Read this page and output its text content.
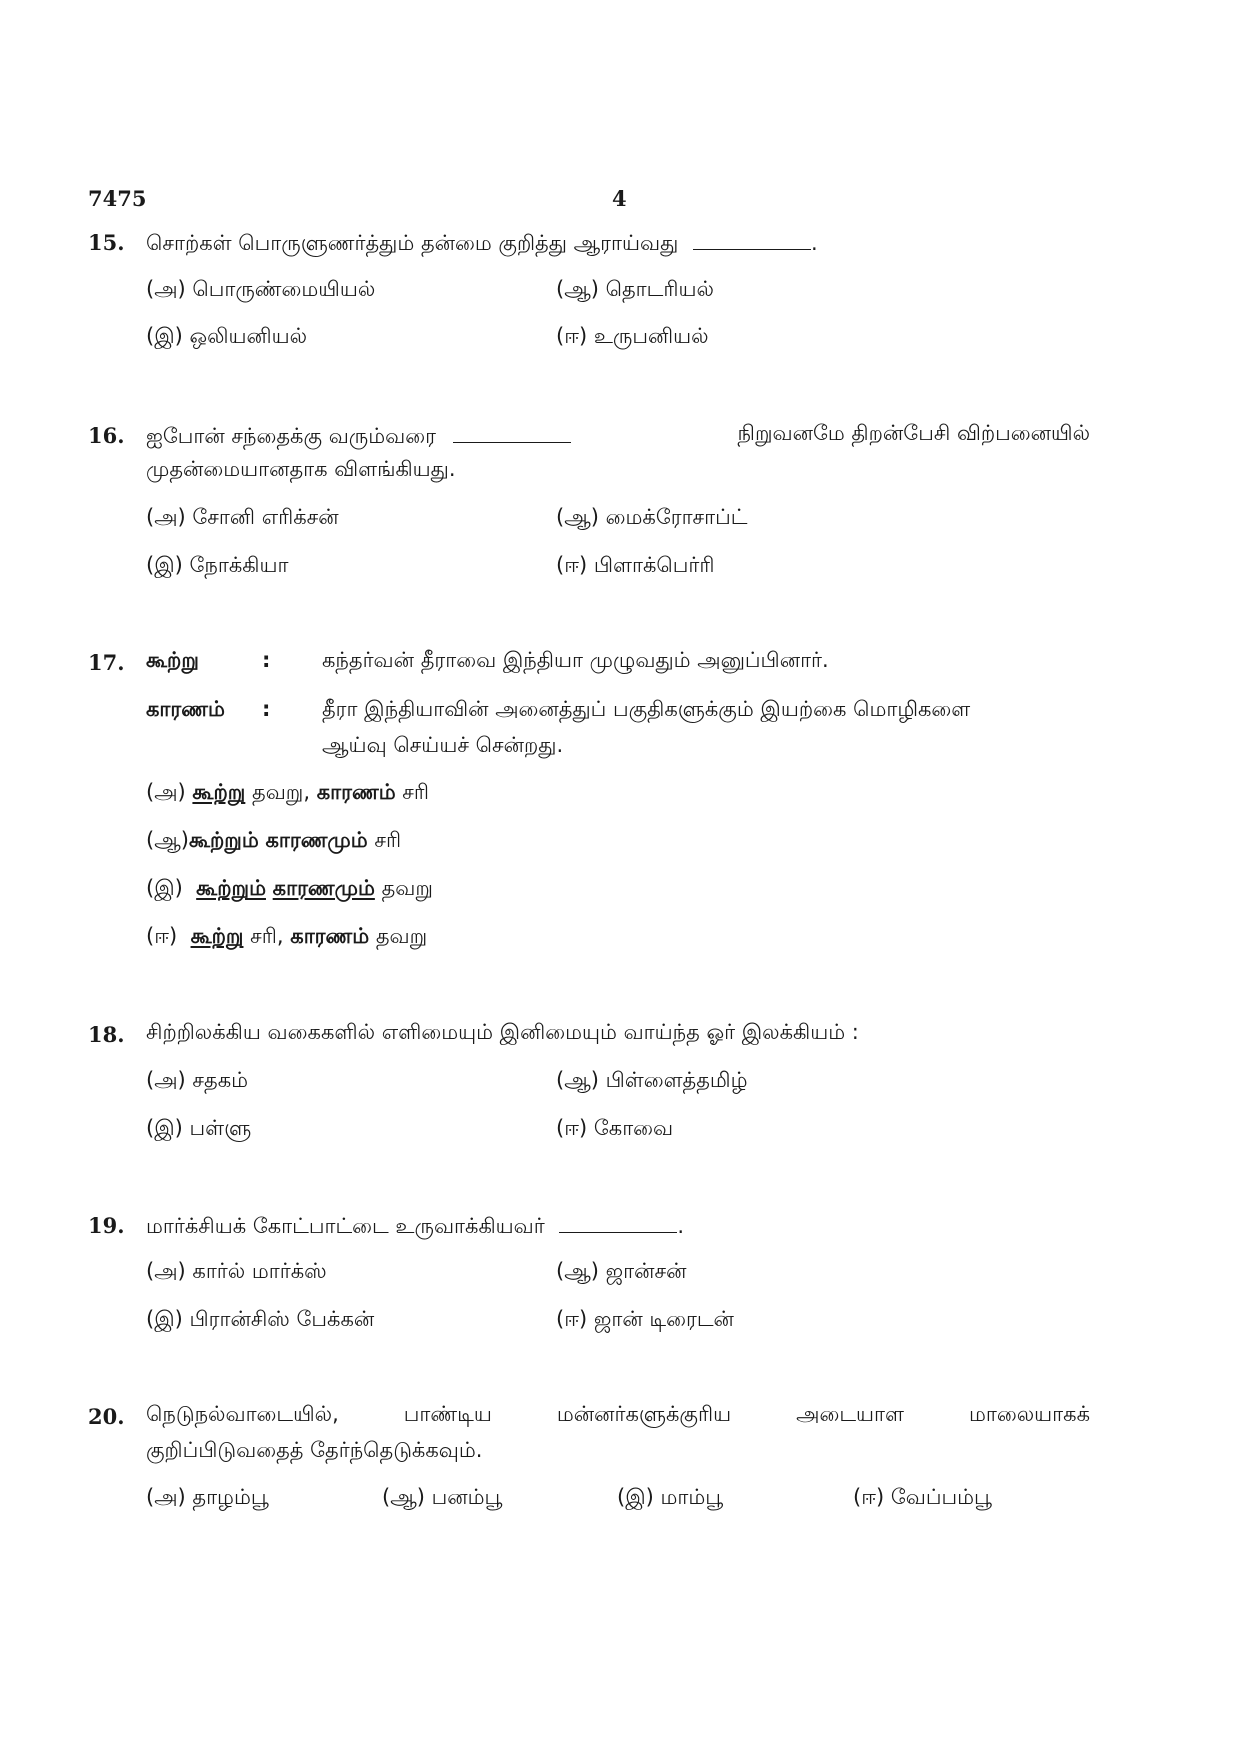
7475	4
15. சொற்கள் பொருளுணர்த்தும் தன்மை குறித்து ஆராய்வது	.
(அ) பொருண்மையியல்	(ஆ) தொடரியல்
(இ) ஒலியனியல்	(ஈ) உருபனியல்
16. ஐபோன் சந்தைக்கு வரும்வரை	நிறுவனமே திறன்பேசி விற்பனையில்
முதன்மையானதாக விளங்கியது.
(அ) சோனி எரிக்சன்	(ஆ) மைக்ரோசாப்ட்
(இ) நோக்கியா	(ஈ) பிளாக்பெர்ரி
17. கூற்று	: கந்தர்வன் தீராவை இந்தியா முழுவதும் அனுப்பினார்.
காரணம் : தீரா இந்தியாவின் அனைத்துப் பகுதிகளுக்கும் இயற்கை மொழிகளை
ஆய்வு செய்யச் சென்றது.
(அ) கூற்று தவறு, காரணம் சரி
(ஆ)கூற்றும் காரணமும் சரி
(இ) கூற்றும் காரணமும் தவறு
(ஈ) கூற்று சரி, காரணம் தவறு
18. சிற்றிலக்கிய வகைகளில் எளிமையும் இனிமையும் வாய்ந்த ஓர் இலக்கியம் :
(அ) சதகம்	(ஆ) பிள்ளைத்தமிழ்
(இ) பள்ளு	(ஈ) கோவை
19. மார்க்சியக் கோட்பாட்டை உருவாக்கியவர்	.
(அ) கார்ல் மார்க்ஸ்	(ஆ) ஜான்சன்
(இ) பிரான்சிஸ் பேக்கன்	(ஈ) ஜான் டிரைடன்
20. நெடுநல்வாடையில், பாண்டிய மன்னர்களுக்குரிய அடையாள மாலையாகக்
குறிப்பிடுவதைத் தேர்ந்தெடுக்கவும்.
(அ) தாழம்பூ	(ஆ) பனம்பூ	(இ) மாம்பூ	(ஈ) வேப்பம்பூ
